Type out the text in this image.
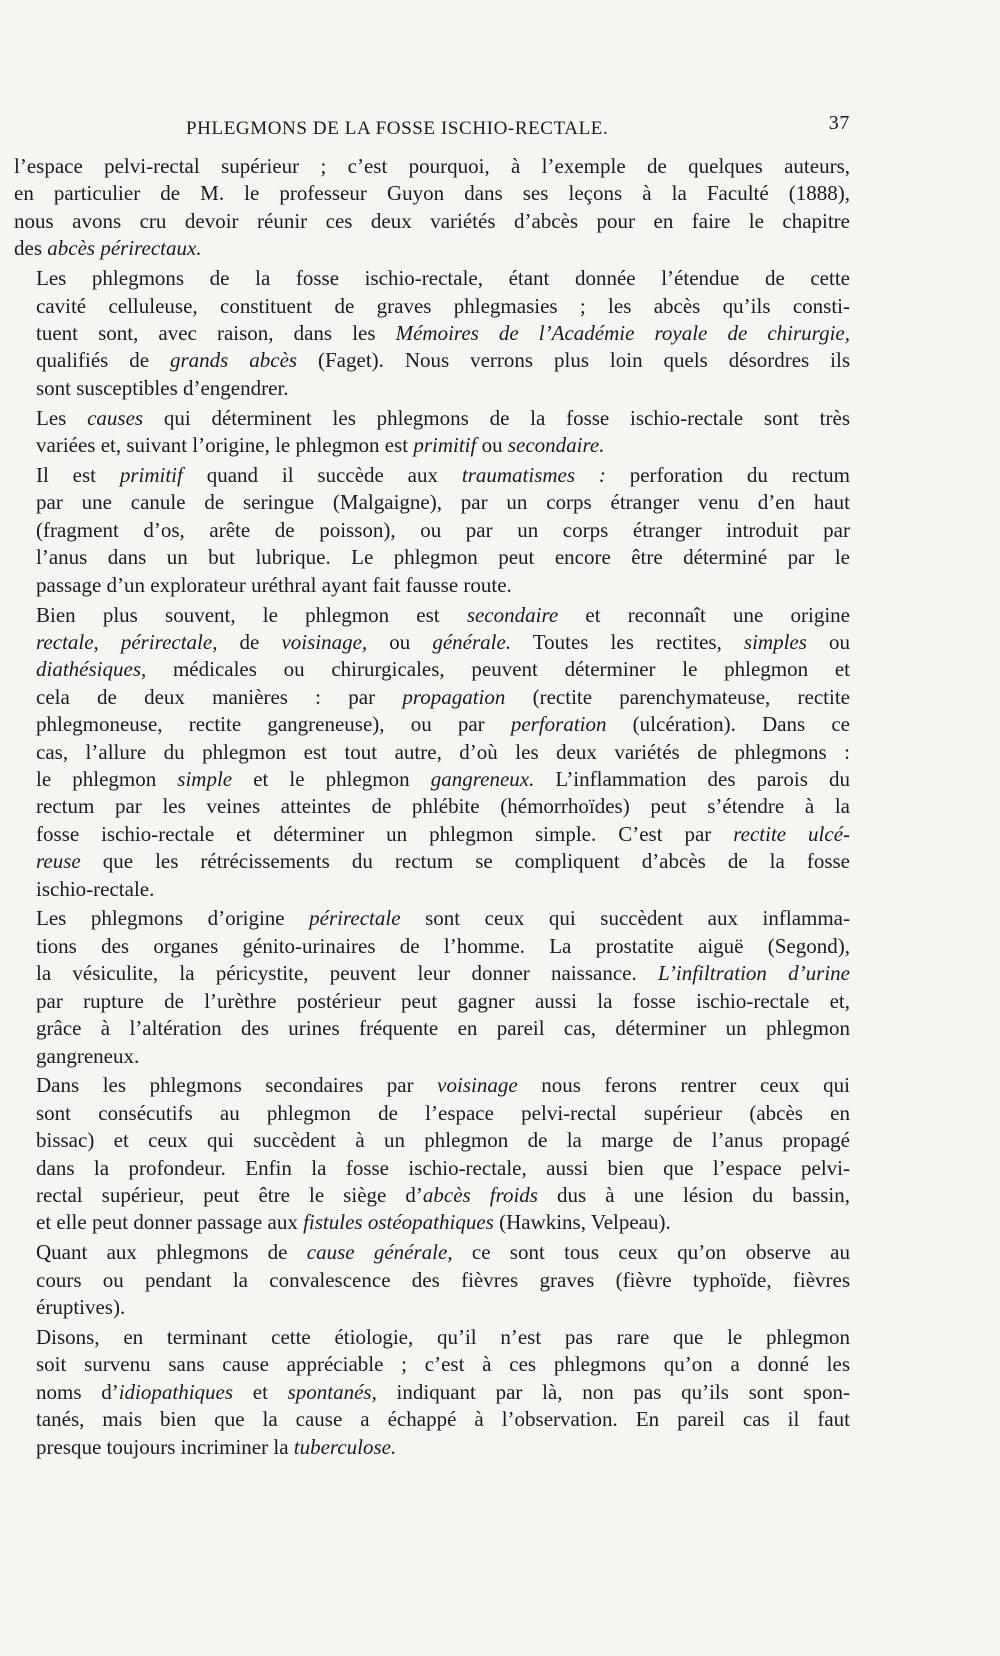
PHLEGMONS DE LA FOSSE ISCHIO-RECTALE.	37

l’espace pelvi-rectal supérieur ; c’est pourquoi, à l’exemple de quelques auteurs,
en particulier de M. le professeur Guyon dans ses leçons à la Faculté (1888),
nous avons cru devoir réunir ces deux variétés d’abcès pour en faire le chapitre
des abcès périrectaux.

Les phlegmons de la fosse ischio-rectale, étant donnée l’étendue de cette
cavité celluleuse, constituent de graves phlegmasies ; les abcès qu’ils consti-
tuent sont, avec raison, dans les Mémoires de l’Académie royale de chirurgie,
qualifiés de grands abcès (Faget). Nous verrons plus loin quels désordres ils
sont susceptibles d’engendrer.

Les causes qui déterminent les phlegmons de la fosse ischio-rectale sont très
variées et, suivant l’origine, le phlegmon est primitif ou secondaire.

Il est primitif quand il succède aux traumatismes : perforation du rectum
par une canule de seringue (Malgaigne), par un corps étranger venu d’en haut
(fragment d’os, arête de poisson), ou par un corps étranger introduit par
l’anus dans un but lubrique. Le phlegmon peut encore être déterminé par le
passage d’un explorateur uréthral ayant fait fausse route.

Bien plus souvent, le phlegmon est secondaire et reconnaît une origine
rectale, périrectale, de voisinage, ou générale. Toutes les rectites, simples ou
diathésiques, médicales ou chirurgicales, peuvent déterminer le phlegmon et
cela de deux manières : par propagation (rectite parenchymateuse, rectite
phlegmoneuse, rectite gangreneuse), ou par perforation (ulcération). Dans ce
cas, l’allure du phlegmon est tout autre, d’où les deux variétés de phlegmons :
le phlegmon simple et le phlegmon gangreneux. L’inflammation des parois du
rectum par les veines atteintes de phlébite (hémorrhoïdes) peut s’étendre à la
fosse ischio-rectale et déterminer un phlegmon simple. C’est par rectite ulcé-
reuse que les rétrécissements du rectum se compliquent d’abcès de la fosse
ischio-rectale.

Les phlegmons d’origine périrectale sont ceux qui succèdent aux inflamma-
tions des organes génito-urinaires de l’homme. La prostatite aiguë (Segond),
la vésiculite, la péricystite, peuvent leur donner naissance. L’infiltration d’urine
par rupture de l’urèthre postérieur peut gagner aussi la fosse ischio-rectale et,
grâce à l’altération des urines fréquente en pareil cas, déterminer un phlegmon
gangreneux.

Dans les phlegmons secondaires par voisinage nous ferons rentrer ceux qui
sont consécutifs au phlegmon de l’espace pelvi-rectal supérieur (abcès en
bissac) et ceux qui succèdent à un phlegmon de la marge de l’anus propagé
dans la profondeur. Enfin la fosse ischio-rectale, aussi bien que l’espace pelvi-
rectal supérieur, peut être le siège d’abcès froids dus à une lésion du bassin,
et elle peut donner passage aux fistules ostéopathiques (Hawkins, Velpeau).

Quant aux phlegmons de cause générale, ce sont tous ceux qu’on observe au
cours ou pendant la convalescence des fièvres graves (fièvre typhoïde, fièvres
éruptives).

Disons, en terminant cette étiologie, qu’il n’est pas rare que le phlegmon
soit survenu sans cause appréciable ; c’est à ces phlegmons qu’on a donné les
noms d’idiopathiques et spontanés, indiquant par là, non pas qu’ils sont spon-
tanés, mais bien que la cause a échappé à l’observation. En pareil cas il faut
presque toujours incriminer la tuberculose.
